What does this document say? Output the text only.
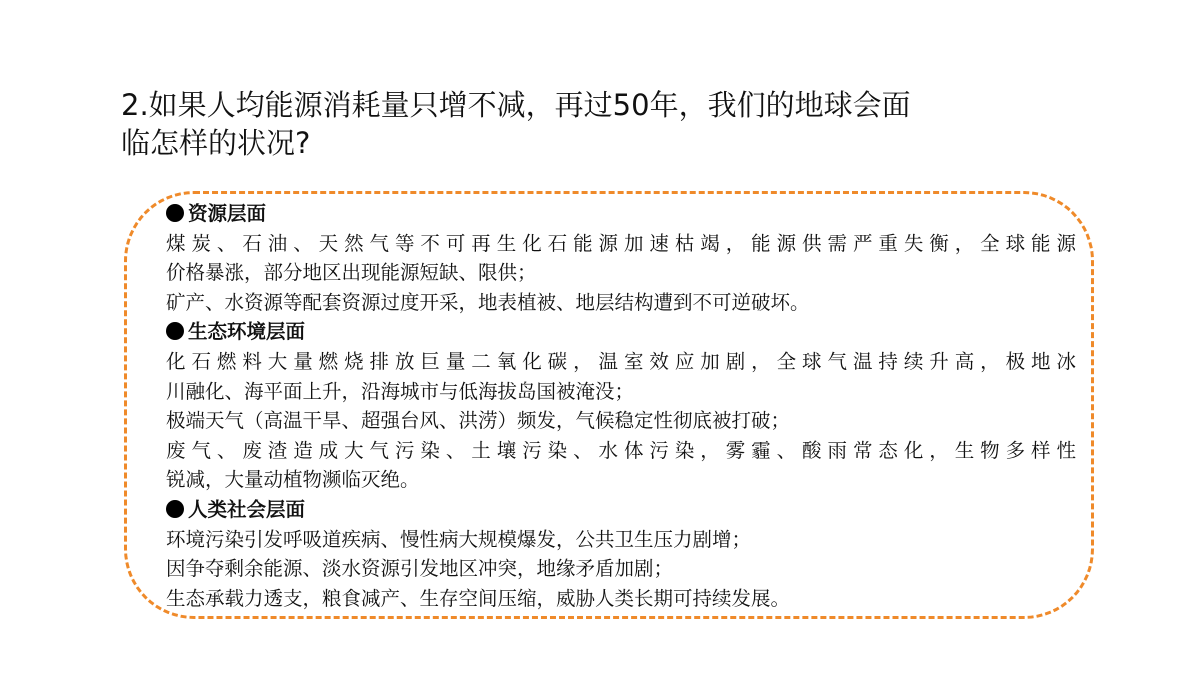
2.如果人均能源消耗量只增不减，再过50年，我们的地球会面
临怎样的状况?
资源层面
煤炭、石油、天然气等不可再生化石能源加速枯竭，能源供需严重失衡，全球能源
价格暴涨，部分地区出现能源短缺、限供；
矿产、水资源等配套资源过度开采，地表植被、地层结构遭到不可逆破坏。
生态环境层面
化石燃料大量燃烧排放巨量二氧化碳，温室效应加剧，全球气温持续升高，极地冰
川融化、海平面上升，沿海城市与低海拔岛国被淹没；
极端天气（高温干旱、超强台风、洪涝）频发，气候稳定性彻底被打破；
废气、废渣造成大气污染、土壤污染、水体污染，雾霾、酸雨常态化，生物多样性
锐减，大量动植物濒临灭绝。
人类社会层面
环境污染引发呼吸道疾病、慢性病大规模爆发，公共卫生压力剧增；
因争夺剩余能源、淡水资源引发地区冲突，地缘矛盾加剧；
生态承载力透支，粮食减产、生存空间压缩，威胁人类长期可持续发展。
